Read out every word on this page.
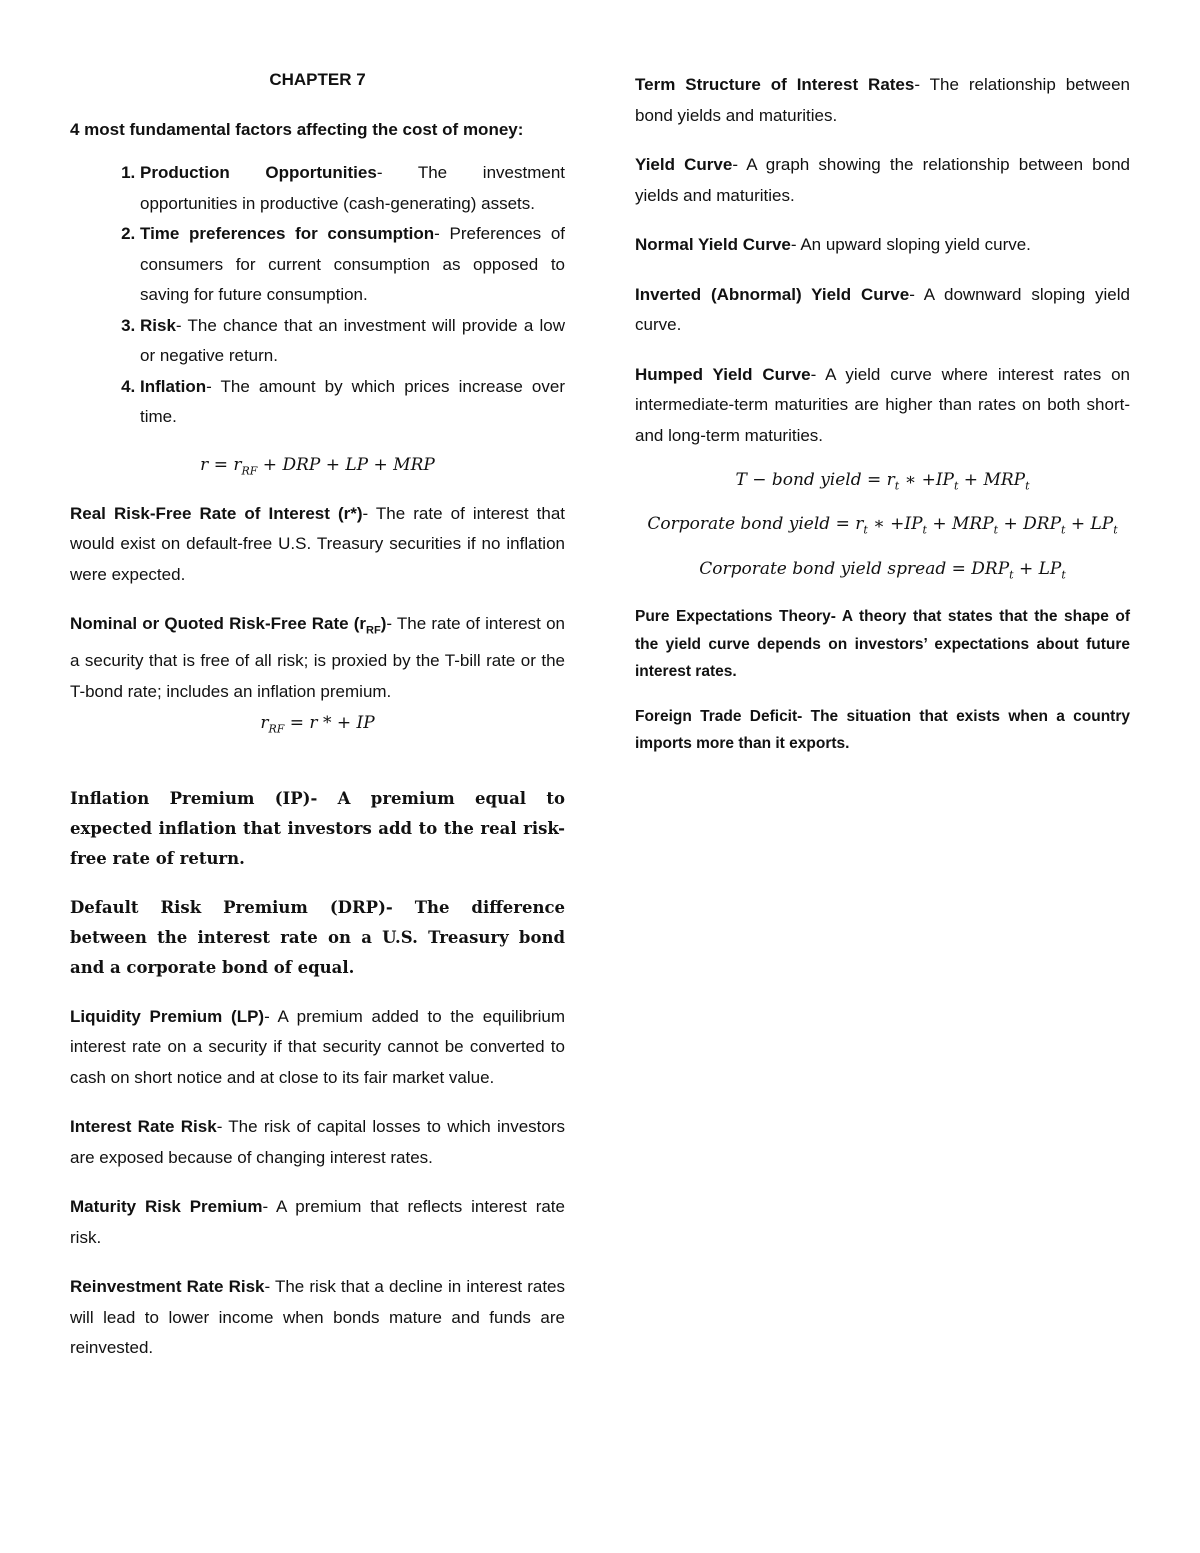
CHAPTER 7

4 most fundamental factors affecting the cost of money:

1. Production Opportunities- The investment opportunities in productive (cash-generating) assets.
2. Time preferences for consumption- Preferences of consumers for current consumption as opposed to saving for future consumption.
3. Risk- The chance that an investment will provide a low or negative return.
4. Inflation- The amount by which prices increase over time.
$r = r_{RF}$ + DRP + LP + MRP

Real Risk-Free Rate of Interest (r*)- The rate of interest that would exist on default-free U.S. Treasury securities if no inflation were expected.

Nominal or Quoted Risk-Free Rate $(r_{RF})-$ The rate of interest on a security that is free of all risk; is proxied by the T-bill rate or the T-bond rate; includes an inflation premium.

$r_{RF} = r$ * + IP

Inflation Premium (IP)- A premium equal to expected inflation that investors add to the real risk-free rate of return.

Default Risk Premium (DRP)- The difference between the interest rate on a U.S. Treasury bond and a corporate bond of equal.

Liquidity Premium (LP)- A premium added to the equilibrium interest rate on a security if that security cannot be converted to cash on short notice and at close to its fair market value.

Interest Rate Risk- The risk of capital losses to which investors are exposed because of changing interest rates.

Maturity Risk Premium- A premium that reflects interest rate risk.

Reinvestment Rate Risk- The risk that a decline in interest rates will lead to lower income when bonds mature and funds are reinvested.

Term Structure of Interest Rates- The relationship between bond yields and maturities.

Yield Curve- A graph showing the relationship between bond yields and maturities.

Normal Yield Curve- An upward sloping yield curve.

Inverted (Abnormal) Yield Curve- A downward sloping yield curve.

Humped Yield Curve- A yield curve where interest rates on intermediate-term maturities are higher than rates on both short- and long-term maturities.

T − bond yield = $r_t$ ∗ $+IP_t + MRP_t$
Corporate bond yield = $r_t$ ∗ $+IP_t + MRP_t + DRP_t + LP_t$
Corporate bond yield spread = $DRP_t + LP_t$

Pure Expectations Theory- A theory that states that the shape of the yield curve depends on investors’ expectations about future interest rates.

Foreign Trade Deficit- The situation that exists when a country imports more than it exports.
